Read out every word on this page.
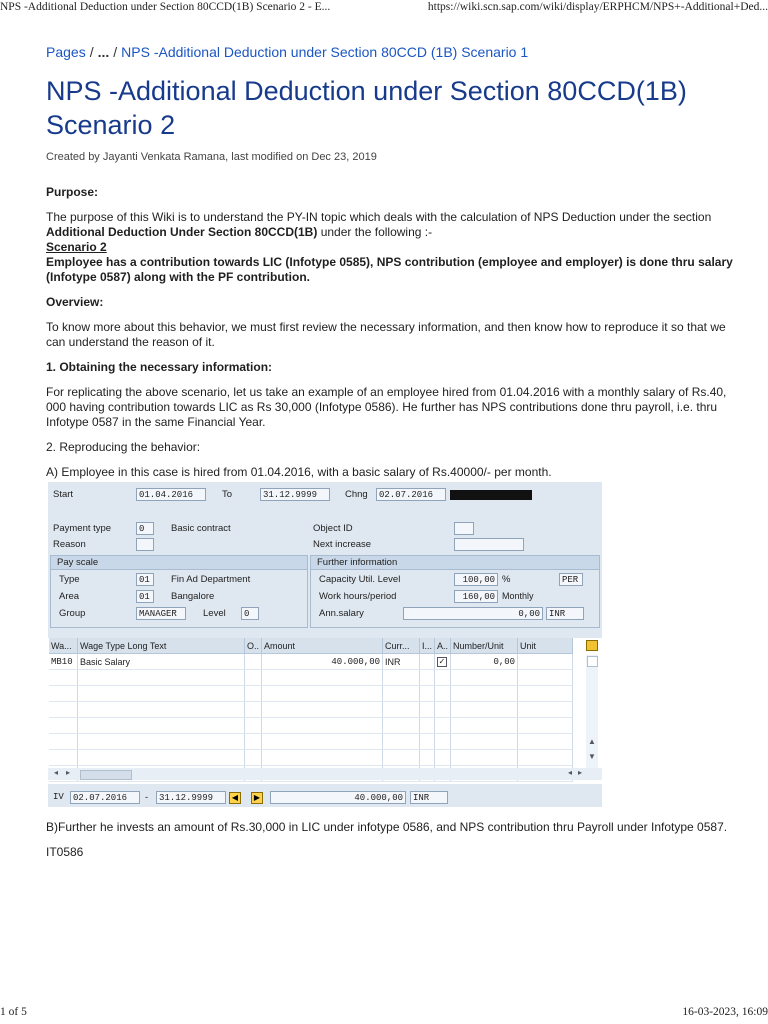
NPS -Additional Deduction under Section 80CCD(1B) Scenario 2 - E...	https://wiki.scn.sap.com/wiki/display/ERPHCM/NPS+-Additional+Ded...
Pages / ... / NPS -Additional Deduction under Section 80CCD (1B) Scenario 1
NPS -Additional Deduction under Section 80CCD(1B)
Scenario 2
Created by Jayanti Venkata Ramana, last modified on Dec 23, 2019

Purpose:

The purpose of this Wiki is to understand the PY-IN topic which deals with the calculation of NPS Deduction under the section Additional Deduction Under Section 80CCD(1B) under the following :-

Scenario 2

Employee has a contribution towards LIC (Infotype 0585), NPS contribution (employee and employer) is done thru salary (Infotype 0587) along with the PF contribution.

Overview:

To know more about this behavior, we must first review the necessary information, and then know how to reproduce it so that we can understand the reason of it.

1. Obtaining the necessary information:

For replicating the above scenario, let us take an example of an employee hired from 01.04.2016 with a monthly salary of Rs.40, 000 having contribution towards LIC as Rs 30,000 (Infotype 0586). He further has NPS contributions done thru payroll, i.e. thru Infotype 0587 in the same Financial Year.

2. Reproducing the behavior:

A) Employee in this case is hired from 01.04.2016, with a basic salary of Rs.40000/- per month.

Start	01.04.2016	To	31.12.9999	Chng	02.07.2016
Payment type	0	Basic contract	Object ID
Reason	Next increase
Pay scale
Type	01	Fin Ad Department
Area	01	Bangalore
Group	MANAGER	Level	0
Further information
Capacity Util. Level	100,00 %	PER
Work hours/period	160,00 Monthly
Ann.salary	0,00	INR
Wa...	Wage Type Long Text	O..	Amount	Curr...	I...	A..	Number/Unit	Unit
MB10	Basic Salary		40.000,00	INR		✓	0,00	

▲
▼
◂ ▸	◂ ▸
IV	02.07.2016	-	31.12.9999	◀	▶	40.000,00	INR

B)Further he invests an amount of Rs.30,000 in LIC under infotype 0586, and NPS contribution thru Payroll under Infotype 0587.

IT0586

1 of 5	16-03-2023, 16:09
